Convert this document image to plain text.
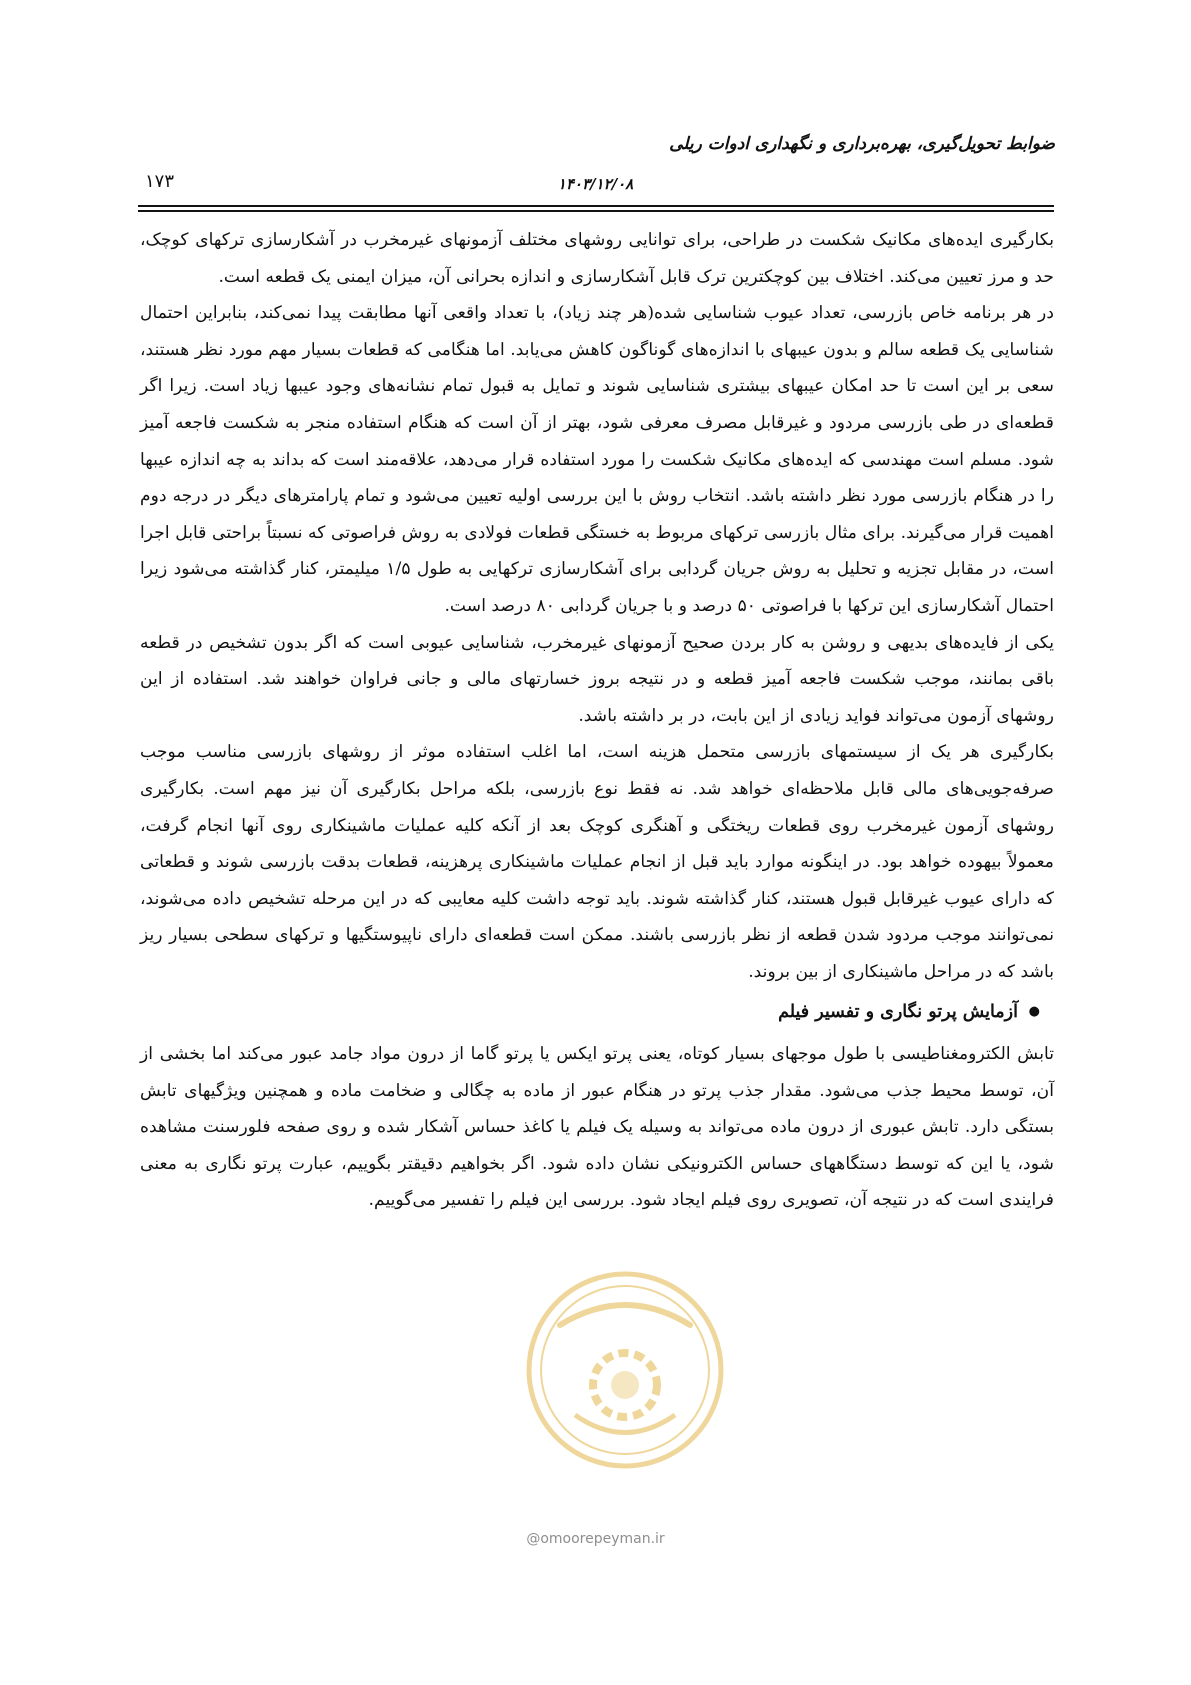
ضوابط تحویل‌گیری، بهره‌برداری و نگهداری ادوات ریلی
۱۷۳	۱۴۰۳/۱۲/۰۸

بکارگیری ایده‌های مکانیک شکست در طراحی، برای توانایی روشهای مختلف آزمونهای غیرمخرب در آشکارسازی ترکهای کوچک، حد و مرز تعیین می‌کند. اختلاف بین کوچکترین ترک قابل آشکارسازی و اندازه بحرانی آن، میزان ایمنی یک قطعه است.

در هر برنامه خاص بازرسی، تعداد عیوب شناسایی شده(هر چند زیاد)، با تعداد واقعی آنها مطابقت پیدا نمی‌کند، بنابراین احتمال شناسایی یک قطعه سالم و بدون عیبهای با اندازه‌های گوناگون کاهش می‌یابد. اما هنگامی که قطعات بسیار مهم مورد نظر هستند، سعی بر این است تا حد امکان عیبهای بیشتری شناسایی شوند و تمایل به قبول تمام نشانه‌های وجود عیبها زیاد است. زیرا اگر قطعه‌ای در طی بازرسی مردود و غیرقابل مصرف معرفی شود، بهتر از آن است که هنگام استفاده منجر به شکست فاجعه آمیز شود. مسلم است مهندسی که ایده‌های مکانیک شکست را مورد استفاده قرار می‌دهد، علاقه‌مند است که بداند به چه اندازه عیبها را در هنگام بازرسی مورد نظر داشته باشد. انتخاب روش با این بررسی اولیه تعیین می‌شود و تمام پارامترهای دیگر در درجه دوم اهمیت قرار می‌گیرند. برای مثال بازرسی ترکهای مربوط به خستگی قطعات فولادی به روش فراصوتی که نسبتاً براحتی قابل اجرا است، در مقابل تجزیه و تحلیل به روش جریان گردابی برای آشکارسازی ترکهایی به طول ۱/۵ میلیمتر، کنار گذاشته می‌شود زیرا احتمال آشکارسازی این ترکها با فراصوتی ۵۰ درصد و با جریان گردابی ۸۰ درصد است.

یکی از فایده‌های بدیهی و روشن به کار بردن صحیح آزمونهای غیرمخرب، شناسایی عیوبی است که اگر بدون تشخیص در قطعه باقی بمانند، موجب شکست فاجعه آمیز قطعه و در نتیجه بروز خسارتهای مالی و جانی فراوان خواهند شد. استفاده از این روشهای آزمون می‌تواند فواید زیادی از این بابت، در بر داشته باشد.

بکارگیری هر یک از سیستمهای بازرسی متحمل هزینه است، اما اغلب استفاده موثر از روشهای بازرسی مناسب موجب صرفه‌جویی‌های مالی قابل ملاحظه‌ای خواهد شد. نه فقط نوع بازرسی، بلکه مراحل بکارگیری آن نیز مهم است. بکارگیری روشهای آزمون غیرمخرب روی قطعات ریختگی و آهنگری کوچک بعد از آنکه کلیه عملیات ماشینکاری روی آنها انجام گرفت، معمولاً بیهوده خواهد بود. در اینگونه موارد باید قبل از انجام عملیات ماشینکاری پرهزینه، قطعات بدقت بازرسی شوند و قطعاتی که دارای عیوب غیرقابل قبول هستند، کنار گذاشته شوند. باید توجه داشت کلیه معایبی که در این مرحله تشخیص داده می‌شوند، نمی‌توانند موجب مردود شدن قطعه از نظر بازرسی باشند. ممکن است قطعه‌ای دارای ناپیوستگیها و ترکهای سطحی بسیار ریز باشد که در مراحل ماشینکاری از بین بروند.

●آزمایش پرتو نگاری و تفسیر فیلم

تابش الکترومغناطیسی با طول موجهای بسیار کوتاه، یعنی پرتو ایکس یا پرتو گاما از درون مواد جامد عبور می‌کند اما بخشی از آن، توسط محیط جذب می‌شود. مقدار جذب پرتو در هنگام عبور از ماده به چگالی و ضخامت ماده و همچنین ویژگیهای تابش بستگی دارد. تابش عبوری از درون ماده می‌تواند به وسیله یک فیلم یا کاغذ حساس آشکار شده و روی صفحه فلورسنت مشاهده شود، یا این که توسط دستگاههای حساس الکترونیکی نشان داده شود. اگر بخواهیم دقیقتر بگوییم، عبارت پرتو نگاری به معنی فرایندی است که در نتیجه آن، تصویری روی فیلم ایجاد شود. بررسی این فیلم را تفسیر می‌گوییم.

@omoorepeyman.ir
